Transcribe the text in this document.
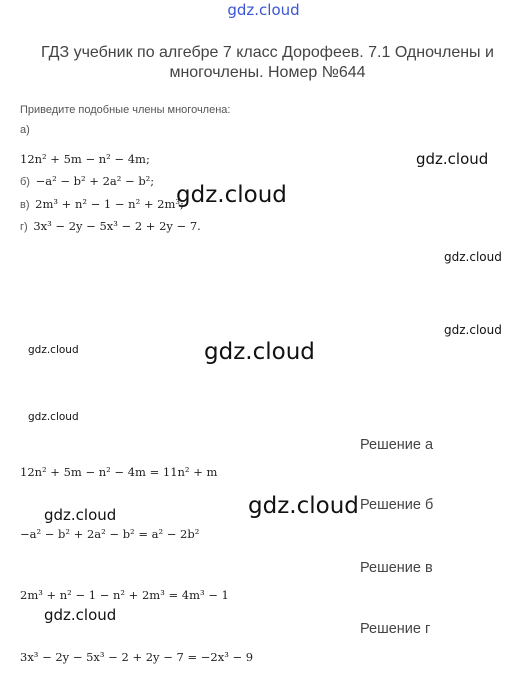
gdz.cloud
ГДЗ учебник по алгебре 7 класс Дорофеев. 7.1 Одночлены и многочлены. Номер №644
Приведите подобные члены многочлена:
а)
12n² + 5m − n² − 4m;
б) −a² − b² + 2a² − b²;
в) 2m³ + n² − 1 − n² + 2m³;
г) 3x³ − 2y − 5x³ − 2 + 2y − 7.
Решение а
12n² + 5m − n² − 4m = 11n² + m
Решение б
−a² − b² + 2a² − b² = a² − 2b²
Решение в
2m³ + n² − 1 − n² + 2m³ = 4m³ − 1
Решение г
3x³ − 2y − 5x³ − 2 + 2y − 7 = −2x³ − 9
gdz.cloud
gdz.cloud
gdz.cloud
gdz.cloud
gdz.cloud
gdz.cloud
gdz.cloud
gdz.cloud
gdz.cloud
gdz.cloud
